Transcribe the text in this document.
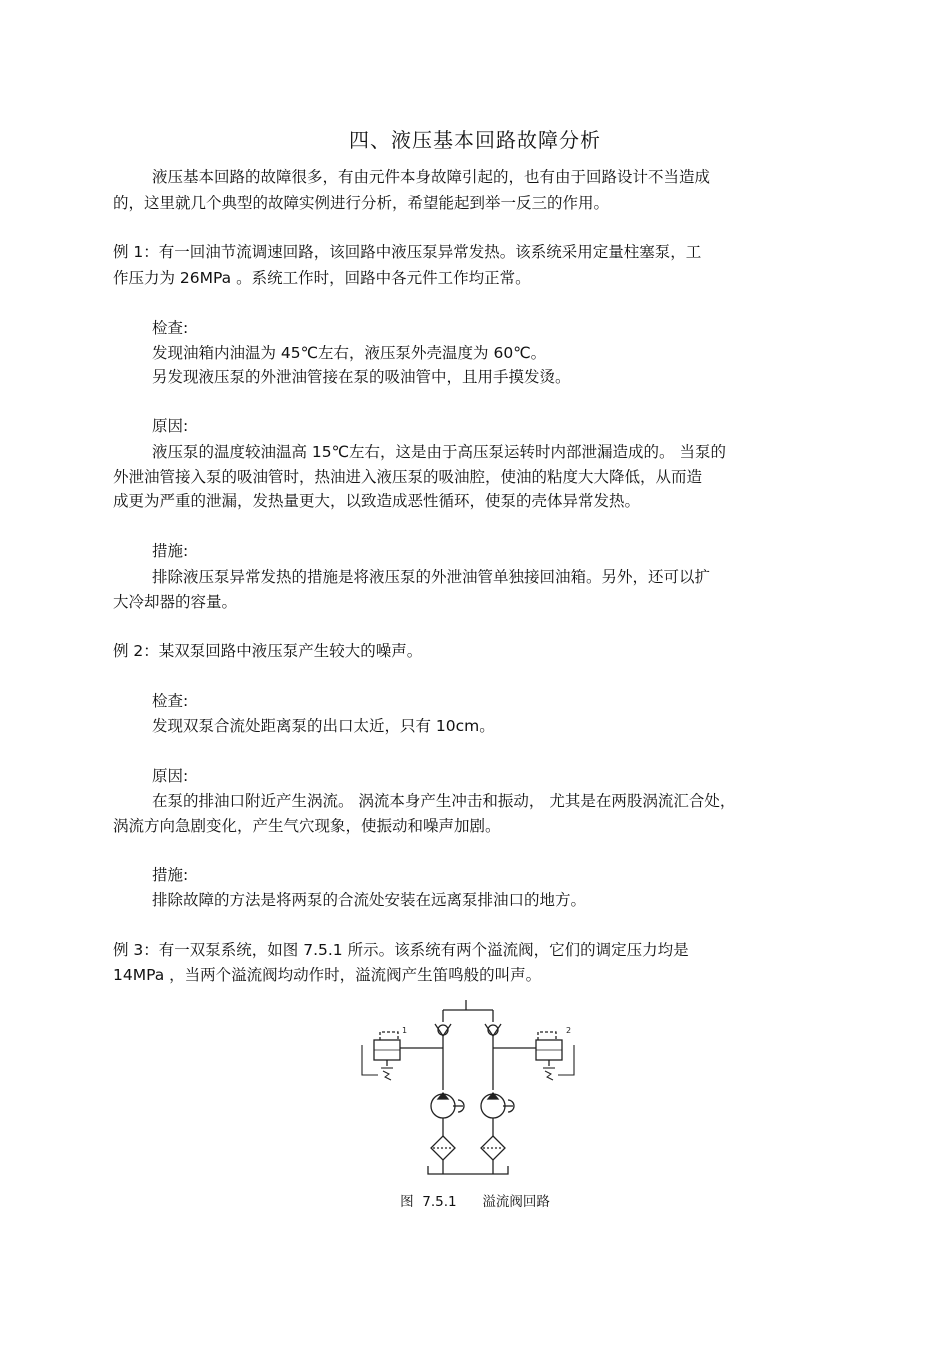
四、液压基本回路故障分析
液压基本回路的故障很多，有由元件本身故障引起的，也有由于回路设计不当造成
的，这里就几个典型的故障实例进行分析，希望能起到举一反三的作用。
例 1：有一回油节流调速回路，该回路中液压泵异常发热。该系统采用定量柱塞泵，工
作压力为 26MPa 。系统工作时，回路中各元件工作均正常。
检查:
发现油箱内油温为 45℃左右，液压泵外壳温度为 60℃。
另发现液压泵的外泄油管接在泵的吸油管中，且用手摸发烫。
原因:
液压泵的温度较油温高 15℃左右，这是由于高压泵运转时内部泄漏造成的。 当泵的
外泄油管接入泵的吸油管时，热油进入液压泵的吸油腔，使油的粘度大大降低，从而造
成更为严重的泄漏，发热量更大，以致造成恶性循环，使泵的壳体异常发热。
措施:
排除液压泵异常发热的措施是将液压泵的外泄油管单独接回油箱。另外，还可以扩
大冷却器的容量。
例 2：某双泵回路中液压泵产生较大的噪声。
检查:
发现双泵合流处距离泵的出口太近，只有 10cm。
原因:
在泵的排油口附近产生涡流。 涡流本身产生冲击和振动， 尤其是在两股涡流汇合处，
涡流方向急剧变化，产生气穴现象，使振动和噪声加剧。
措施:
排除故障的方法是将两泵的合流处安装在远离泵排油口的地方。
例 3：有一双泵系统，如图 7.5.1 所示。该系统有两个溢流阀，它们的调定压力均是
14MPa ，当两个溢流阀均动作时，溢流阀产生笛鸣般的叫声。
1	2
图  7.5.1      溢流阀回路
